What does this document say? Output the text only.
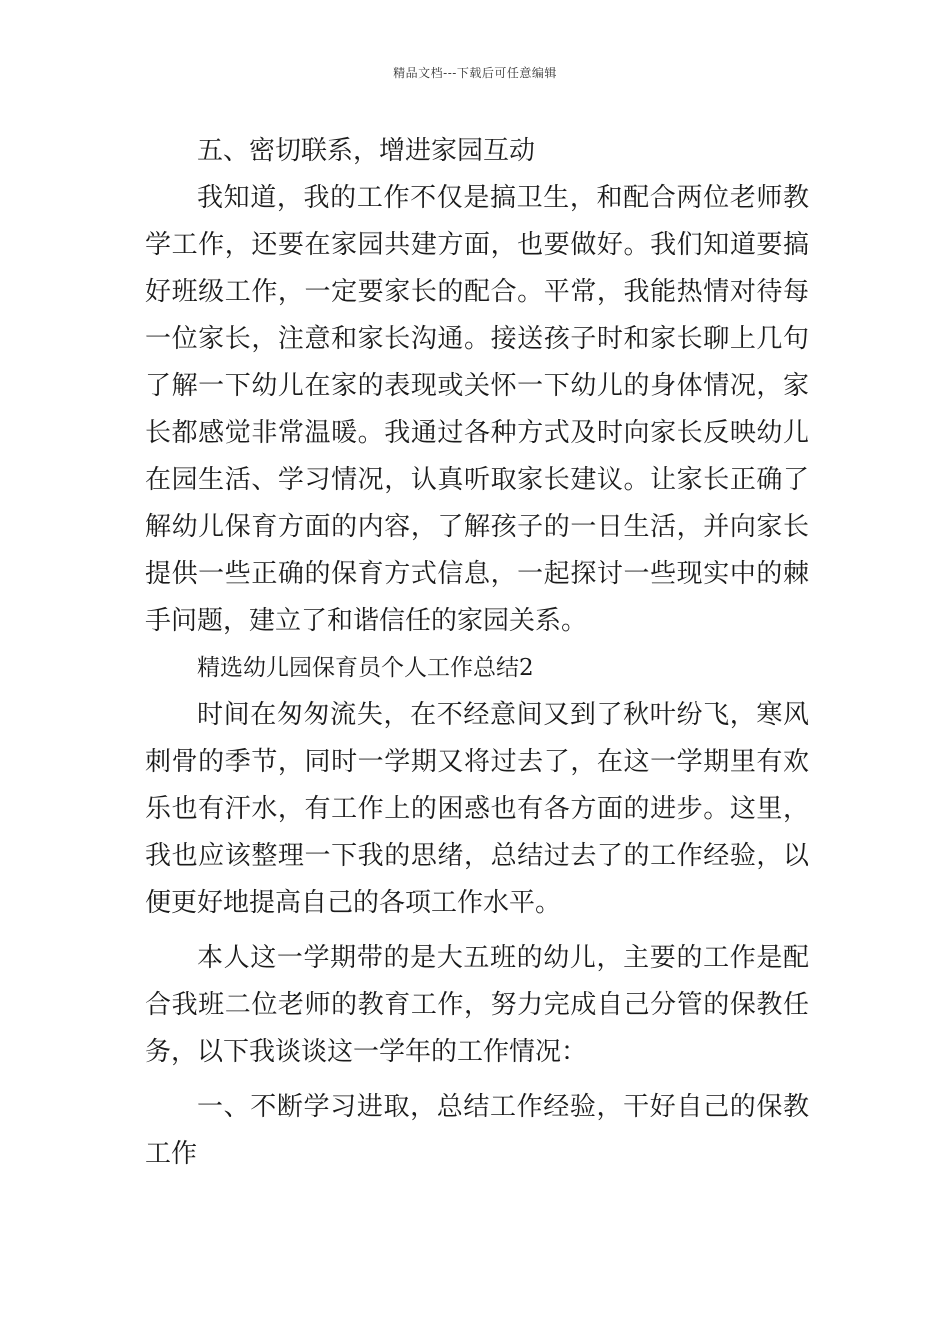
精品文档---下载后可任意编辑
五、密切联系，增进家园互动
我知道，我的工作不仅是搞卫生，和配合两位老师教
学工作，还要在家园共建方面，也要做好。我们知道要搞
好班级工作，一定要家长的配合。平常，我能热情对待每
一位家长，注意和家长沟通。接送孩子时和家长聊上几句
了解一下幼儿在家的表现或关怀一下幼儿的身体情况，家
长都感觉非常温暖。我通过各种方式及时向家长反映幼儿
在园生活、学习情况，认真听取家长建议。让家长正确了
解幼儿保育方面的内容，了解孩子的一日生活，并向家长
提供一些正确的保育方式信息，一起探讨一些现实中的棘
手问题，建立了和谐信任的家园关系。
精选幼儿园保育员个人工作总结2
时间在匆匆流失，在不经意间又到了秋叶纷飞，寒风
刺骨的季节，同时一学期又将过去了，在这一学期里有欢
乐也有汗水，有工作上的困惑也有各方面的进步。这里，
我也应该整理一下我的思绪，总结过去了的工作经验，以
便更好地提高自己的各项工作水平。
本人这一学期带的是大五班的幼儿，主要的工作是配
合我班二位老师的教育工作，努力完成自己分管的保教任
务，以下我谈谈这一学年的工作情况：
一、不断学习进取，总结工作经验，干好自己的保教
工作
